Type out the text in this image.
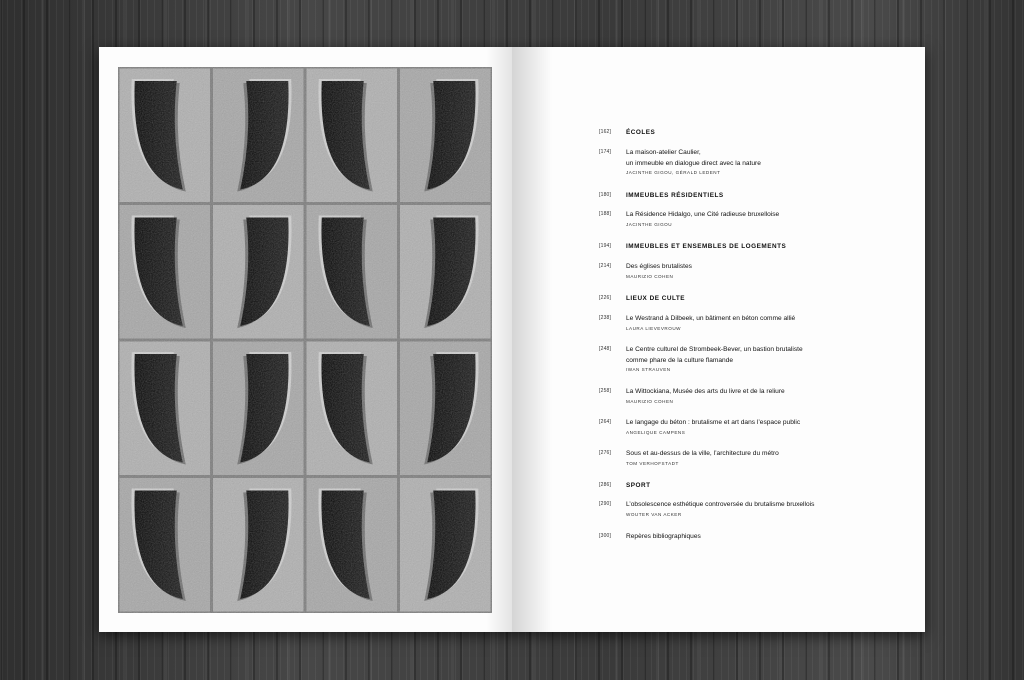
[162] ÉCOLES
[174] La maison-atelier Caulier,
un immeuble en dialogue direct avec la nature
JACINTHE GIGOU, GÉRALD LEDENT
[180] IMMEUBLES RÉSIDENTIELS
[188] La Résidence Hidalgo, une Cité radieuse bruxelloise
JACINTHE GIGOU
[194] IMMEUBLES ET ENSEMBLES DE LOGEMENTS
[214] Des églises brutalistes
MAURIZIO COHEN
[226] LIEUX DE CULTE
[238] Le Westrand à Dilbeek, un bâtiment en béton comme allié
LAURA LIEVEVROUW
[248] Le Centre culturel de Strombeek-Bever, un bastion brutaliste
comme phare de la culture flamande
IWAN STRAUVEN
[258] La Wittockiana, Musée des arts du livre et de la reliure
MAURIZIO COHEN
[264] Le langage du béton : brutalisme et art dans l’espace public
ANGELIQUE CAMPENS
[276] Sous et au-dessus de la ville, l’architecture du métro
TOM VERHOFSTADT
[286] SPORT
[290] L’obsolescence esthétique controversée du brutalisme bruxellois
WOUTER VAN ACKER
[300] Repères bibliographiques
